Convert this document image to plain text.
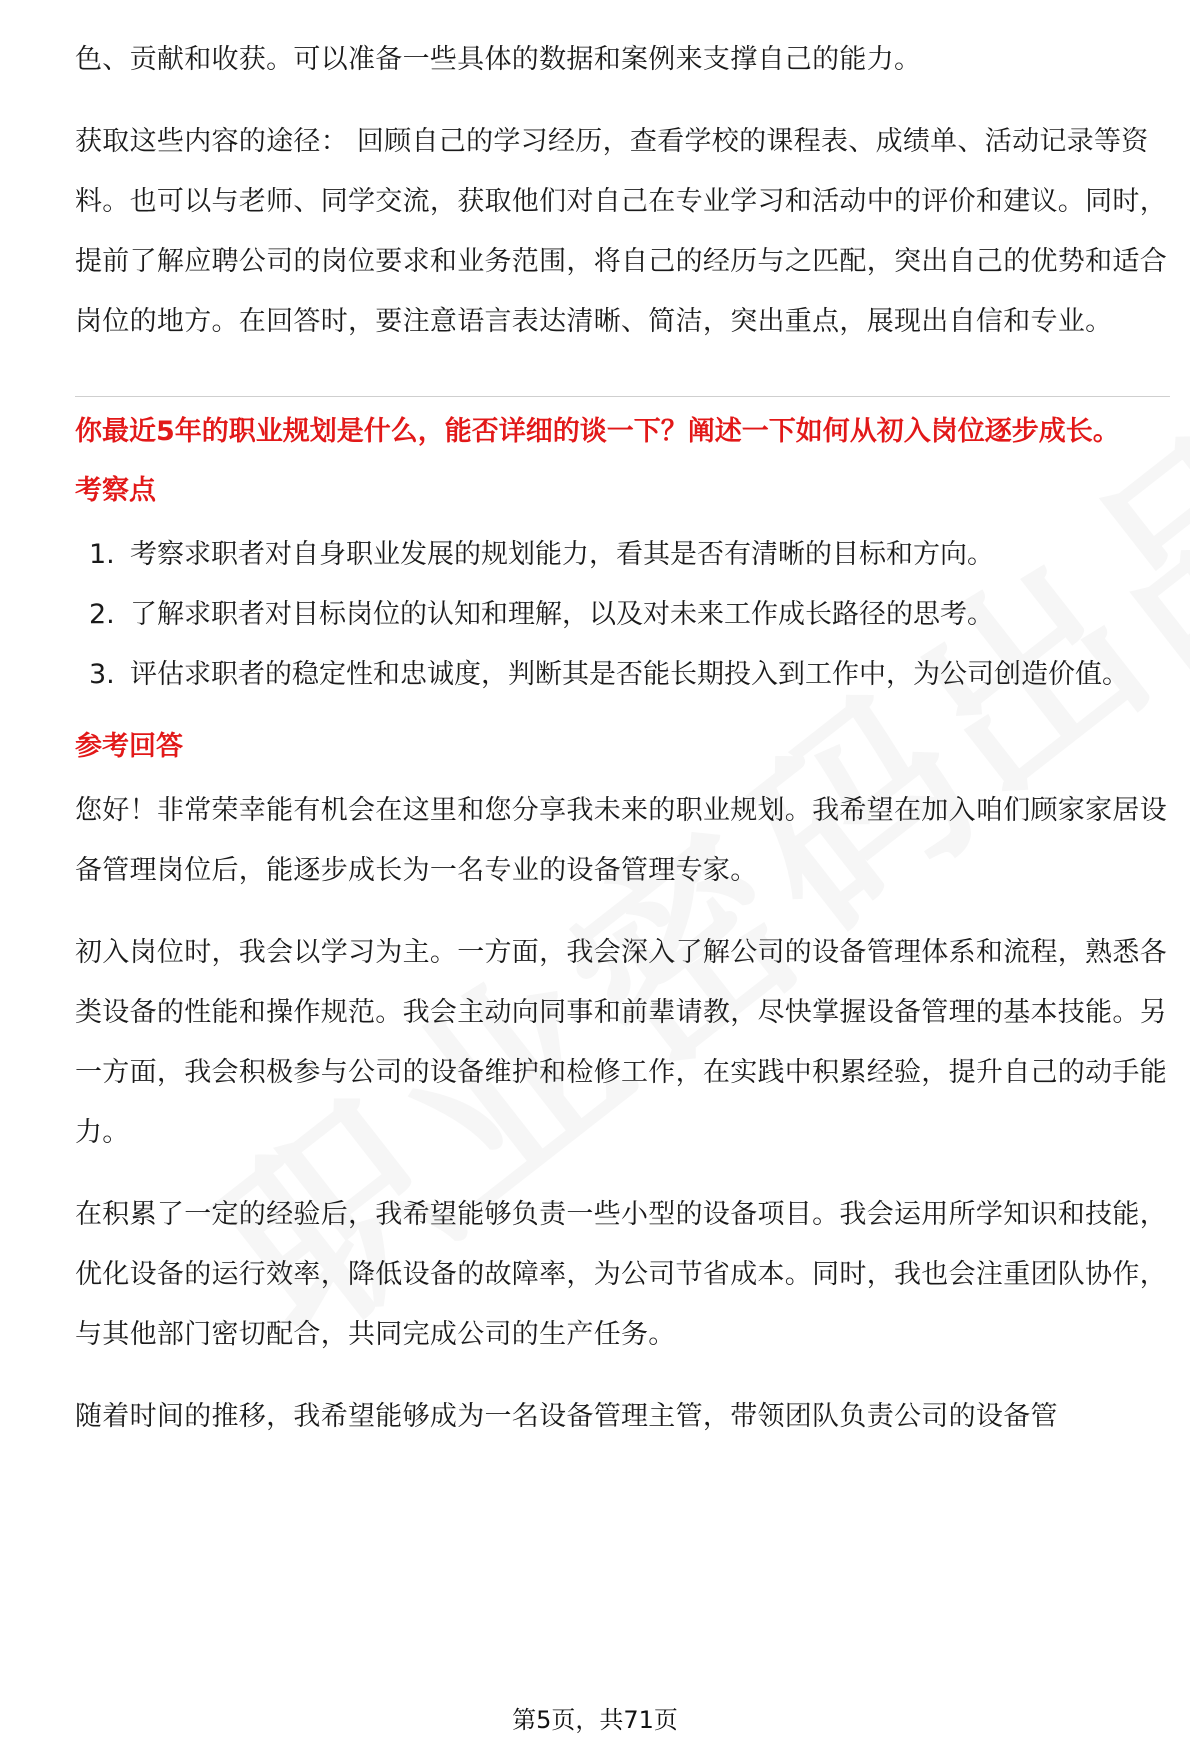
色、贡献和收获。可以准备一些具体的数据和案例来支撑自己的能力。

获取这些内容的途径： 回顾自己的学习经历，查看学校的课程表、成绩单、活动记录等资料。也可以与老师、同学交流，获取他们对自己在专业学习和活动中的评价和建议。同时，提前了解应聘公司的岗位要求和业务范围，将自己的经历与之匹配，突出自己的优势和适合岗位的地方。在回答时，要注意语言表达清晰、简洁，突出重点，展现出自信和专业。

你最近5年的职业规划是什么，能否详细的谈一下？阐述一下如何从初入岗位逐步成长。

考察点
1. 考察求职者对自身职业发展的规划能力，看其是否有清晰的目标和方向。
2. 了解求职者对目标岗位的认知和理解，以及对未来工作成长路径的思考。
3. 评估求职者的稳定性和忠诚度，判断其是否能长期投入到工作中，为公司创造价值。
参考回答

您好！非常荣幸能有机会在这里和您分享我未来的职业规划。我希望在加入咱们顾家家居设备管理岗位后，能逐步成长为一名专业的设备管理专家。

初入岗位时，我会以学习为主。一方面，我会深入了解公司的设备管理体系和流程，熟悉各类设备的性能和操作规范。我会主动向同事和前辈请教，尽快掌握设备管理的基本技能。另一方面，我会积极参与公司的设备维护和检修工作，在实践中积累经验，提升自己的动手能力。

在积累了一定的经验后，我希望能够负责一些小型的设备项目。我会运用所学知识和技能，优化设备的运行效率，降低设备的故障率，为公司节省成本。同时，我也会注重团队协作，与其他部门密切配合，共同完成公司的生产任务。

随着时间的推移，我希望能够成为一名设备管理主管，带领团队负责公司的设备管

第5页，共71页
